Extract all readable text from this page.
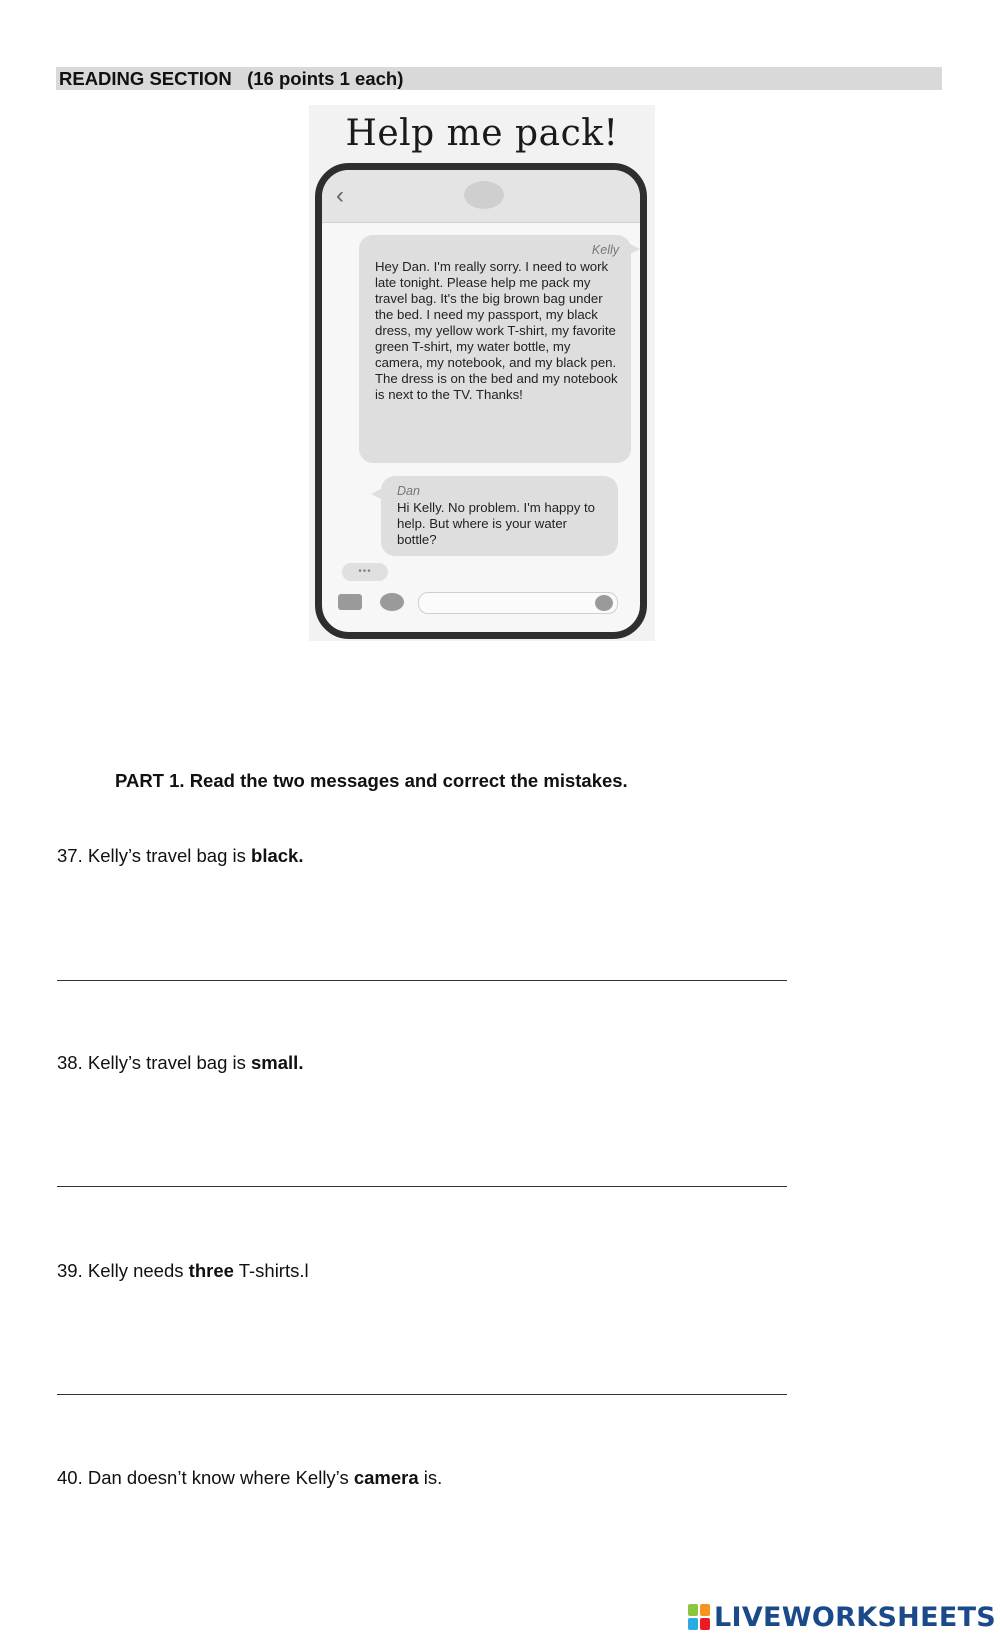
READING SECTION   (16 points 1 each)
Help me pack!
‹
Kelly
Hey Dan. I'm really sorry. I need to work late tonight. Please help me pack my travel bag. It's the big brown bag under the bed. I need my passport, my black dress, my yellow work T-shirt, my favorite green T-shirt, my water bottle, my camera, my notebook, and my black pen. The dress is on the bed and my notebook is next to the TV. Thanks!
Dan
Hi Kelly. No problem. I'm happy to help. But where is your water bottle?
•••
PART 1. Read the two messages and correct the mistakes.
37. Kelly’s travel bag is black.
38. Kelly’s travel bag is small.
39. Kelly needs three T-shirts.l
40. Dan doesn’t know where Kelly’s camera is.
LIVEWORKSHEETS
